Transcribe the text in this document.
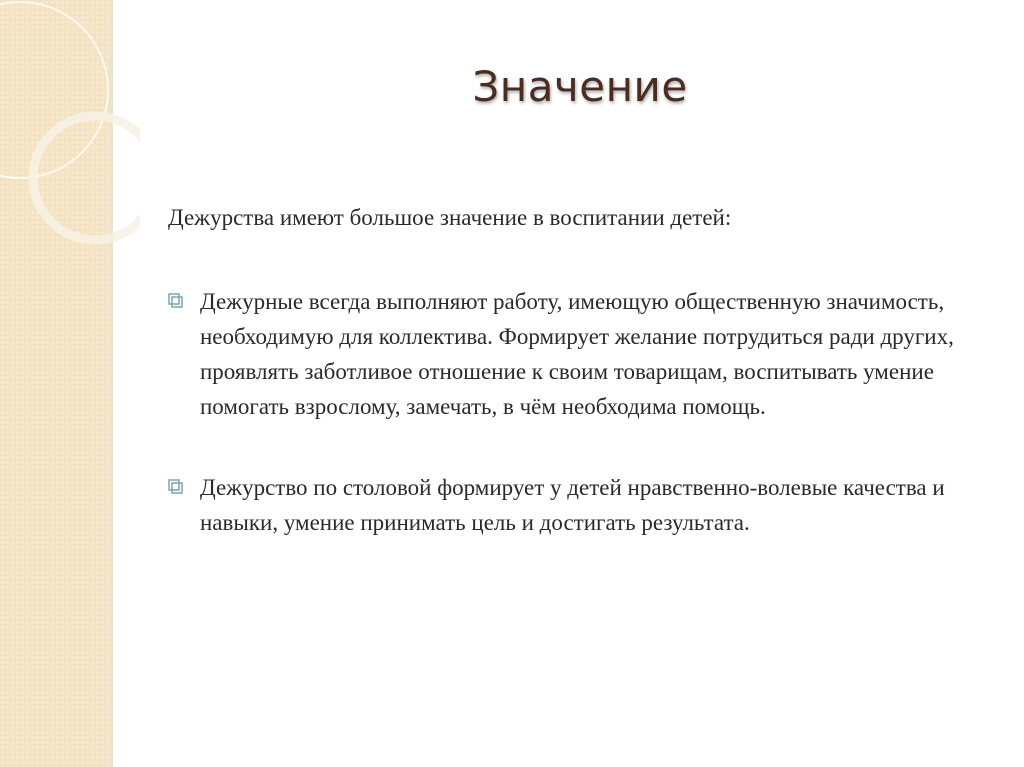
Значение

Дежурства имеют большое значение в воспитании детей:

Дежурные всегда выполняют работу, имеющую общественную значимость, необходимую для коллектива. Формирует желание потрудиться ради других, проявлять заботливое отношение к своим товарищам, воспитывать умение помогать взрослому, замечать, в чём необходима помощь.
Дежурство по столовой формирует у детей нравственно-волевые качества и навыки, умение принимать цель и достигать результата.
